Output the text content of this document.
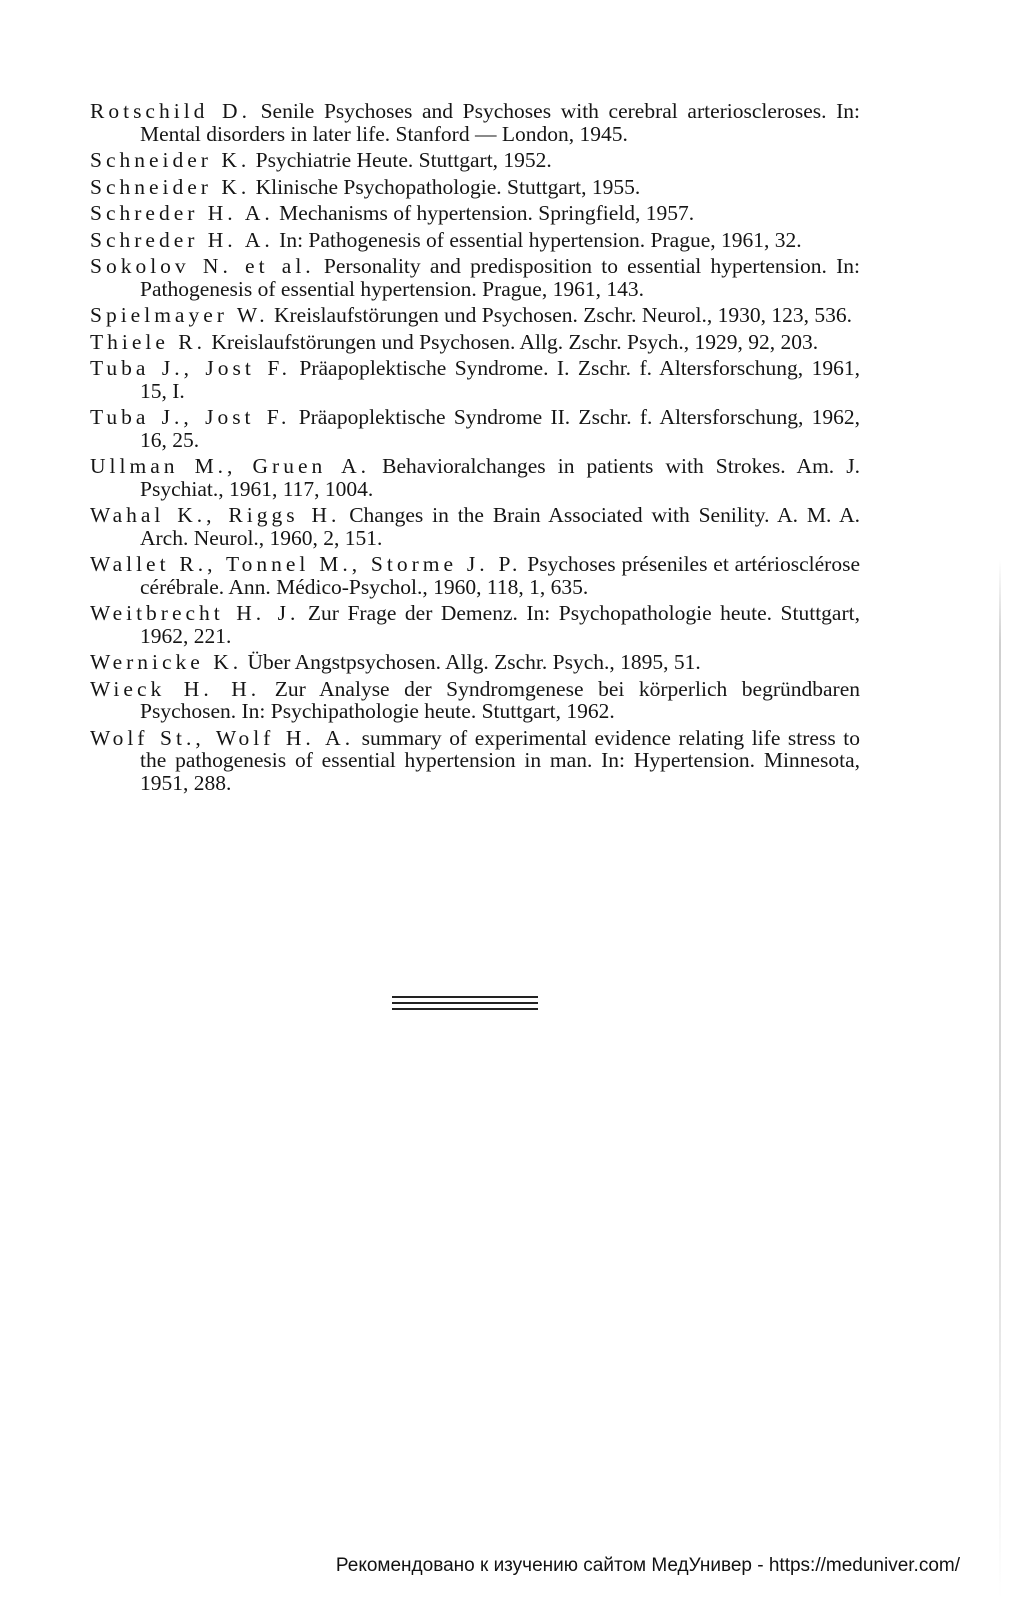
Rotschild D. Senile Psychoses and Psychoses with cerebral arterioscleroses. In: Mental disorders in later life. Stanford — London, 1945.

Schneider K. Psychiatrie Heute. Stuttgart, 1952.

Schneider K. Klinische Psychopathologie. Stuttgart, 1955.

Schreder H. A. Mechanisms of hypertension. Springfield, 1957.

Schreder H. A. In: Pathogenesis of essential hypertension. Prague, 1961, 32.

Sokolov N. et al. Personality and predisposition to essential hypertension. In: Pathogenesis of essential hypertension. Prague, 1961, 143.

Spielmayer W. Kreislaufstörungen und Psychosen. Zschr. Neurol., 1930, 123, 536.

Thiele R. Kreislaufstörungen und Psychosen. Allg. Zschr. Psych., 1929, 92, 203.

Tuba J., Jost F. Präapoplektische Syndrome. I. Zschr. f. Altersforschung, 1961, 15, I.

Tuba J., Jost F. Präapoplektische Syndrome II. Zschr. f. Altersforschung, 1962, 16, 25.

Ullman M., Gruen A. Behavioralchanges in patients with Strokes. Am. J. Psychiat., 1961, 117, 1004.

Wahal K., Riggs H. Changes in the Brain Associated with Senility. A. M. A. Arch. Neurol., 1960, 2, 151.

Wallet R., Tonnel M., Storme J. P. Psychoses préseniles et artériosclérose cérébrale. Ann. Médico-Psychol., 1960, 118, 1, 635.

Weitbrecht H. J. Zur Frage der Demenz. In: Psychopathologie heute. Stuttgart, 1962, 221.

Wernicke K. Über Angstpsychosen. Allg. Zschr. Psych., 1895, 51.

Wieck H. H. Zur Analyse der Syndromgenese bei körperlich begründbaren Psychosen. In: Psychipathologie heute. Stuttgart, 1962.

Wolf St., Wolf H. A. summary of experimental evidence relating life stress to the pathogenesis of essential hypertension in man. In: Hypertension. Minnesota, 1951, 288.

Рекомендовано к изучению сайтом МедУнивер - https://meduniver.com/
